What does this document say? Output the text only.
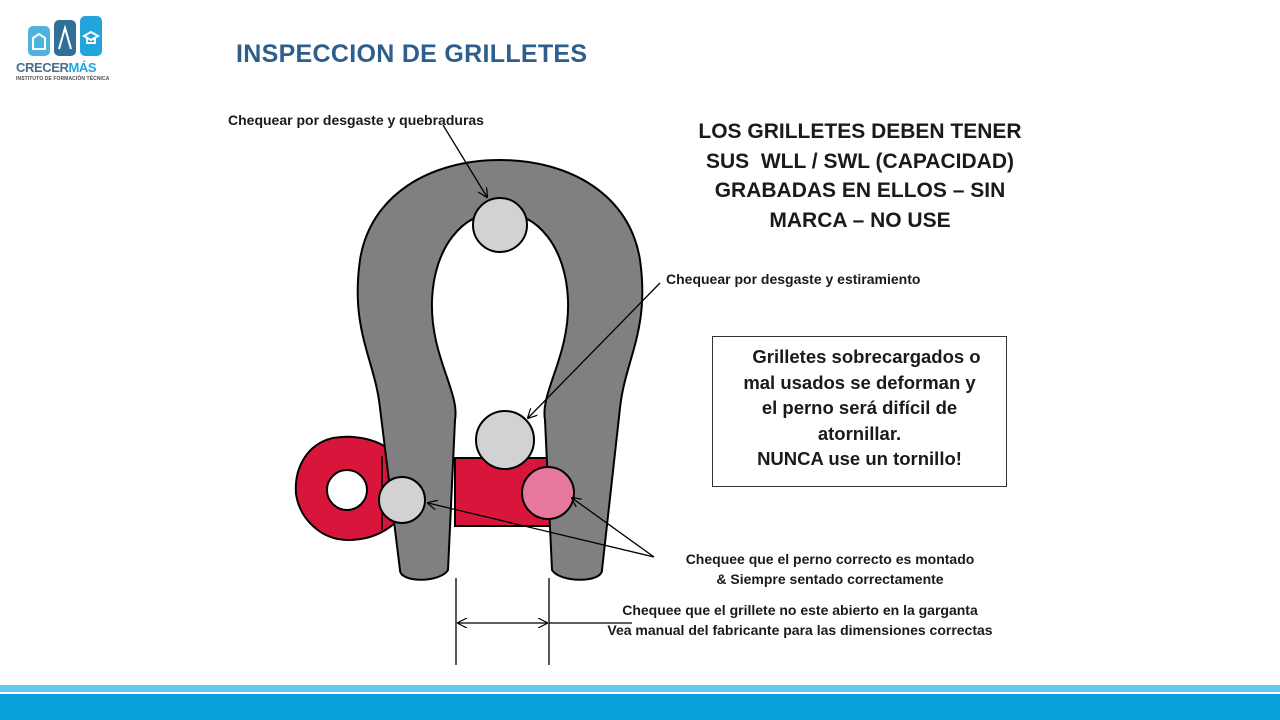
CRECERMÁS
INSTITUTO DE FORMACIÓN TÉCNICA
INSPECCION DE GRILLETES
Chequear por desgaste y quebraduras
Chequear por desgaste y estiramiento
Chequee que el perno correcto es montado
& Siempre sentado correctamente
Chequee que el grillete no este abierto en la garganta
Vea manual del fabricante para las dimensiones correctas
LOS GRILLETES DEBEN TENER
SUS  WLL / SWL (CAPACIDAD)
GRABADAS EN ELLOS – SIN
MARCA – NO USE
Grilletes sobrecargados o
mal usados se deforman y
el perno será difícil de
atornillar.
NUNCA use un tornillo!
